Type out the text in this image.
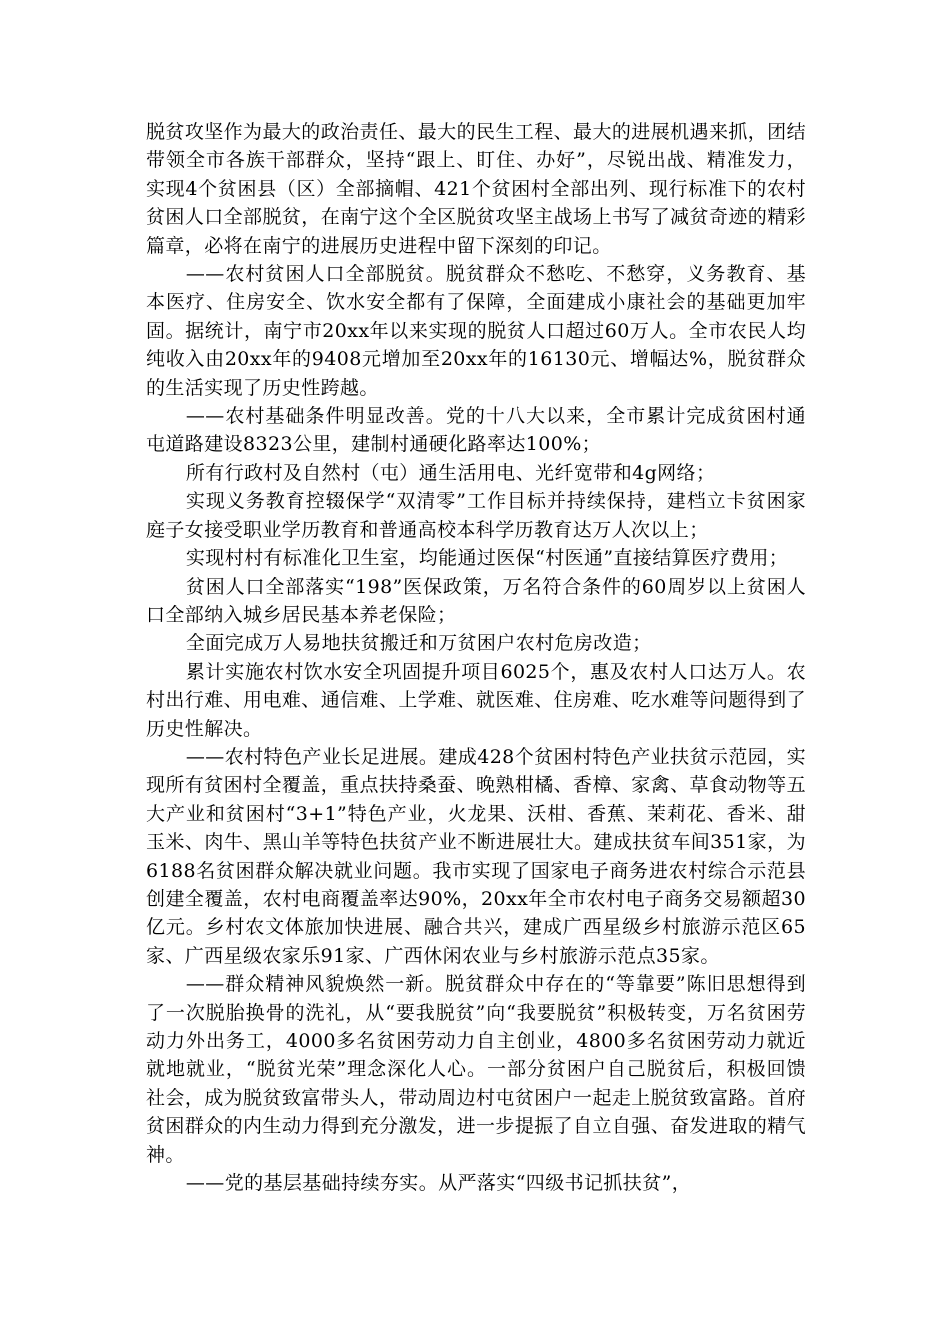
脱贫攻坚作为最大的政治责任、最大的民生工程、最大的进展机遇来抓，团结带领全市各族干部群众，坚持“跟上、盯住、办好”，尽锐出战、精准发力，实现4个贫困县（区）全部摘帽、421个贫困村全部出列、现行标准下的农村贫困人口全部脱贫，在南宁这个全区脱贫攻坚主战场上书写了减贫奇迹的精彩篇章，必将在南宁的进展历史进程中留下深刻的印记。

——农村贫困人口全部脱贫。脱贫群众不愁吃、不愁穿，义务教育、基本医疗、住房安全、饮水安全都有了保障，全面建成小康社会的基础更加牢固。据统计，南宁市20xx年以来实现的脱贫人口超过60万人。全市农民人均纯收入由20xx年的9408元增加至20xx年的16130元、增幅达%，脱贫群众的生活实现了历史性跨越。

——农村基础条件明显改善。党的十八大以来，全市累计完成贫困村通屯道路建设8323公里，建制村通硬化路率达100%；

所有行政村及自然村（屯）通生活用电、光纤宽带和4g网络；

实现义务教育控辍保学“双清零”工作目标并持续保持，建档立卡贫困家庭子女接受职业学历教育和普通高校本科学历教育达万人次以上；

实现村村有标准化卫生室，均能通过医保“村医通”直接结算医疗费用；

贫困人口全部落实“198”医保政策，万名符合条件的60周岁以上贫困人口全部纳入城乡居民基本养老保险；

全面完成万人易地扶贫搬迁和万贫困户农村危房改造；

累计实施农村饮水安全巩固提升项目6025个，惠及农村人口达万人。农村出行难、用电难、通信难、上学难、就医难、住房难、吃水难等问题得到了历史性解决。

——农村特色产业长足进展。建成428个贫困村特色产业扶贫示范园，实现所有贫困村全覆盖，重点扶持桑蚕、晚熟柑橘、香樟、家禽、草食动物等五大产业和贫困村“3+1”特色产业，火龙果、沃柑、香蕉、茉莉花、香米、甜玉米、肉牛、黑山羊等特色扶贫产业不断进展壮大。建成扶贫车间351家，为6188名贫困群众解决就业问题。我市实现了国家电子商务进农村综合示范县创建全覆盖，农村电商覆盖率达90%，20xx年全市农村电子商务交易额超30亿元。乡村农文体旅加快进展、融合共兴，建成广西星级乡村旅游示范区65家、广西星级农家乐91家、广西休闲农业与乡村旅游示范点35家。

——群众精神风貌焕然一新。脱贫群众中存在的“等靠要”陈旧思想得到了一次脱胎换骨的洗礼，从“要我脱贫”向“我要脱贫”积极转变，万名贫困劳动力外出务工，4000多名贫困劳动力自主创业，4800多名贫困劳动力就近就地就业，“脱贫光荣”理念深化人心。一部分贫困户自己脱贫后，积极回馈社会，成为脱贫致富带头人，带动周边村屯贫困户一起走上脱贫致富路。首府贫困群众的内生动力得到充分激发，进一步提振了自立自强、奋发进取的精气神。

——党的基层基础持续夯实。从严落实“四级书记抓扶贫”，
